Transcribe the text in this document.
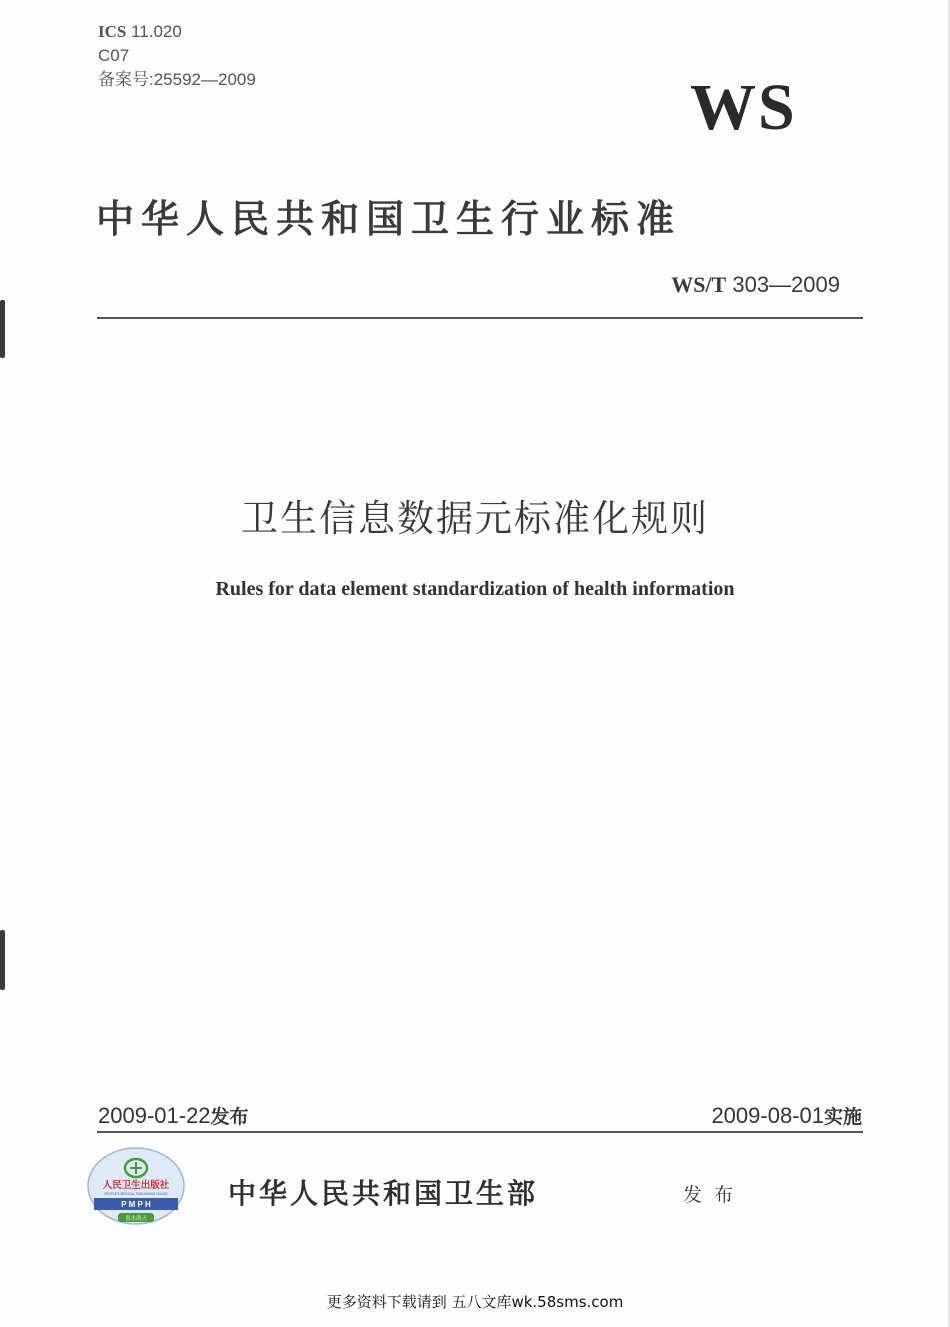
ICS 11.020
C07
备案号:25592—2009	WS
中华人民共和国卫生行业标准
WS/T 303—2009
卫生信息数据元标准化规则
Rules for data element standardization of health information
2009-01-22发布	2009-08-01实施
人民卫生出版社
PEOPLE'S MEDICAL PUBLISHING HOUSE
P M P H
喜水鸿天
中华人民共和国卫生部	发布
更多资料下载请到 五八文库wk.58sms.com
